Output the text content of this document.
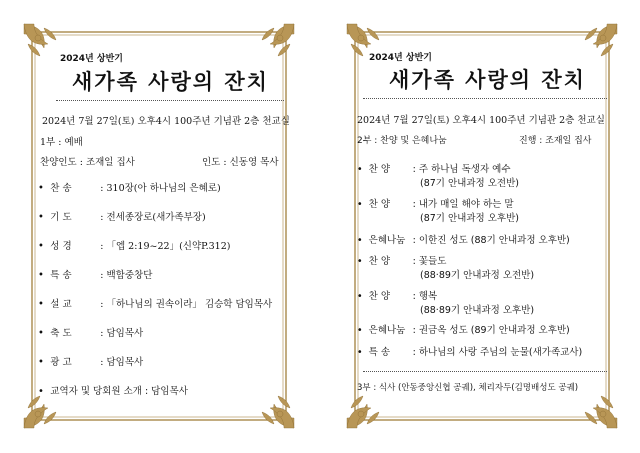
2024년 상반기
새가족 사랑의 잔치
2024년 7월 27일(토) 오후4시 100주년 기념관 2층 천교실
1부 : 예배
찬양인도 : 조재일 집사	인도 : 신동영 목사
•  찬 송	: 310장(아 하나님의 은혜로)
•  기 도	: 전세종장로(새가족부장)
•  성 경	: 「엡 2:19~22」(신약P.312)
•  특 송	: 백합중창단
•  설 교	: 「하나님의 권속이라」 김승학 담임목사
•  축 도	: 담임목사
•  광 고	: 담임목사
•  교역자 및 당회원 소개 : 담임목사
2024년 상반기
새가족 사랑의 잔치
2024년 7월 27일(토) 오후4시 100주년 기념관 2층 천교실
2부 : 찬양 및 은혜나눔	진행 : 조재일 집사
•  찬 양 : 주 하나님 독생자 예수
(87기 안내과정 오전반)
•  찬 양 : 내가 매일 해야 하는 말
(87기 안내과정 오후반)
•  은혜나눔 : 이한진 성도 (88기 안내과정 오후반)
•  찬 양 : 꽃들도
(88·89기 안내과정 오전반)
•  찬 양 : 행복
(88·89기 안내과정 오후반)
•  은혜나눔 : 권금옥 성도 (89기 안내과정 오후반)
•  특 송 : 하나님의 사랑 주님의 눈물(새가족교사)
3부 : 식사 (안동중앙신협 공궤), 체리자두(김명배성도 공궤)
